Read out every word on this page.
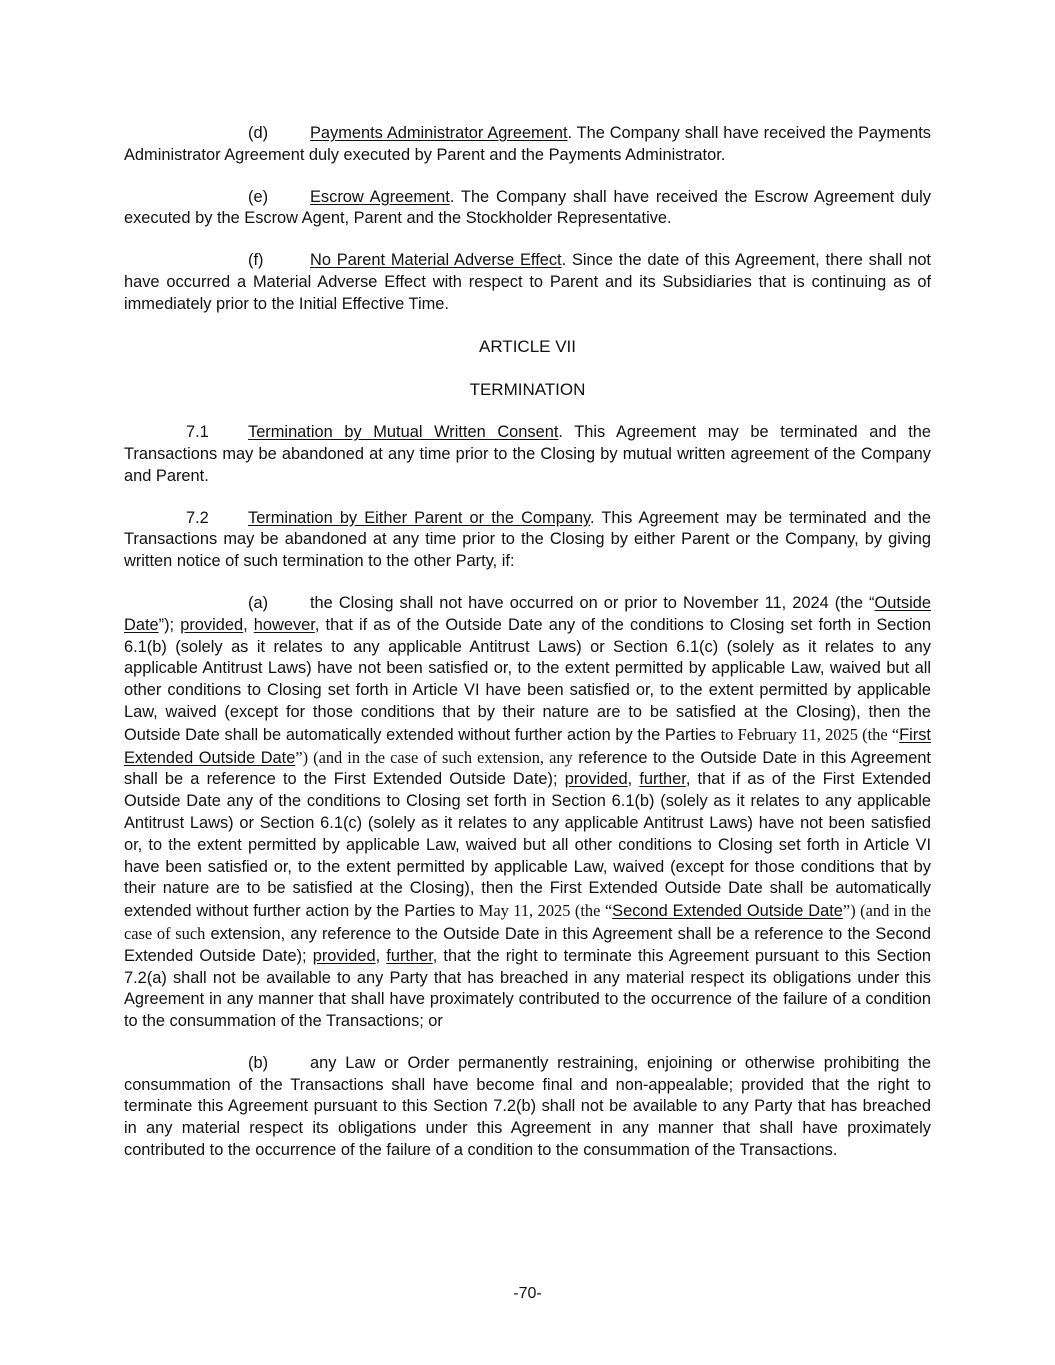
(d)	Payments Administrator Agreement. The Company shall have received the Payments Administrator Agreement duly executed by Parent and the Payments Administrator.

(e)	Escrow Agreement. The Company shall have received the Escrow Agreement duly executed by the Escrow Agent, Parent and the Stockholder Representative.

(f)	No Parent Material Adverse Effect. Since the date of this Agreement, there shall not have occurred a Material Adverse Effect with respect to Parent and its Subsidiaries that is continuing as of immediately prior to the Initial Effective Time.

ARTICLE VII

TERMINATION

7.1 Termination by Mutual Written Consent. This Agreement may be terminated and the Transactions may be abandoned at any time prior to the Closing by mutual written agreement of the Company and Parent.

7.2 Termination by Either Parent or the Company. This Agreement may be terminated and the Transactions may be abandoned at any time prior to the Closing by either Parent or the Company, by giving written notice of such termination to the other Party, if:

(a)	the Closing shall not have occurred on or prior to November 11, 2024 (the “Outside Date”); provided, however, that if as of the Outside Date any of the conditions to Closing set forth in Section 6.1(b) (solely as it relates to any applicable Antitrust Laws) or Section 6.1(c) (solely as it relates to any applicable Antitrust Laws) have not been satisfied or, to the extent permitted by applicable Law, waived but all other conditions to Closing set forth in Article VI have been satisfied or, to the extent permitted by applicable Law, waived (except for those conditions that by their nature are to be satisfied at the Closing), then the Outside Date shall be automatically extended without further action by the Parties to February 11, 2025 (the “First Extended Outside Date”) (and in the case of such extension, any reference to the Outside Date in this Agreement shall be a reference to the First Extended Outside Date); provided, further, that if as of the First Extended Outside Date any of the conditions to Closing set forth in Section 6.1(b) (solely as it relates to any applicable Antitrust Laws) or Section 6.1(c) (solely as it relates to any applicable Antitrust Laws) have not been satisfied or, to the extent permitted by applicable Law, waived but all other conditions to Closing set forth in Article VI have been satisfied or, to the extent permitted by applicable Law, waived (except for those conditions that by their nature are to be satisfied at the Closing), then the First Extended Outside Date shall be automatically extended without further action by the Parties to May 11, 2025 (the “Second Extended Outside Date”) (and in the case of such extension, any reference to the Outside Date in this Agreement shall be a reference to the Second Extended Outside Date); provided, further, that the right to terminate this Agreement pursuant to this Section 7.2(a) shall not be available to any Party that has breached in any material respect its obligations under this Agreement in any manner that shall have proximately contributed to the occurrence of the failure of a condition to the consummation of the Transactions; or

(b)	any Law or Order permanently restraining, enjoining or otherwise prohibiting the consummation of the Transactions shall have become final and non-appealable; provided that the right to terminate this Agreement pursuant to this Section 7.2(b) shall not be available to any Party that has breached in any material respect its obligations under this Agreement in any manner that shall have proximately contributed to the occurrence of the failure of a condition to the consummation of the Transactions.

-70-
